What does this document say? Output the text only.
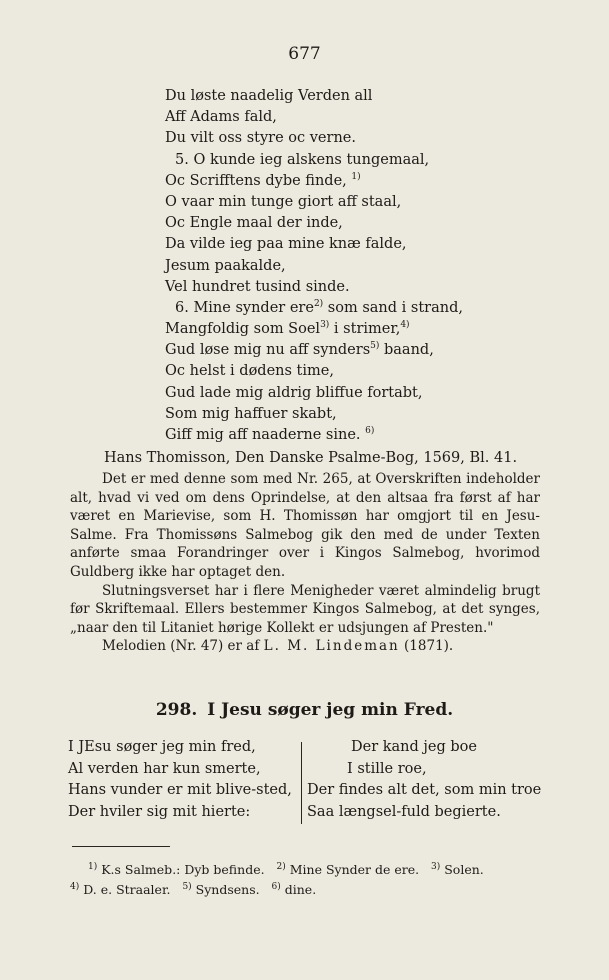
677
Du løste naadelig Verden all
Aff Adams fald,
Du vilt oss styre oc verne.
5. O kunde ieg alskens tungemaal,
Oc Scrifftens dybe finde, $^{1)}$
O vaar min tunge giort aff staal,
Oc Engle maal der inde,
Da vilde ieg paa mine knæ falde,
Jesum paakalde,
Vel hundret tusind sinde.
6. Mine synder ere$^{2)}$ som sand i strand,
Mangfoldig som Soel$^{3)}$ i strimer,$^{4)}$
Gud løse mig nu aff synders$^{5)}$ baand,
Oc helst i dødens time,
Gud lade mig aldrig bliffue fortabt,
Som mig haffuer skabt,
Giff mig aff naaderne sine. $^{6)}$
Hans Thomisson, Den Danske Psalme-Bog, 1569, Bl. 41.

Det er med denne som med Nr. 265, at Overskriften indeholder alt, hvad vi ved om dens Oprindelse, at den altsaa fra først af har været en Marievise, som H. Thomissøn har omgjort til en Jesu-Salme. Fra Thomissøns Salmebog gik den med de under Texten anførte smaa Forandringer over i Kingos Salmebog, hvorimod Guldberg ikke har optaget den.

Slutningsverset har i flere Menigheder været almindelig brugt før Skriftemaal. Ellers bestemmer Kingos Salmebog, at det synges, „naar den til Litaniet hørige Kollekt er udsjungen af Presten."

Melodien (Nr. 47) er af L. M. Lindeman (1871).

298. I Jesu søger jeg min Fred.
I JEsu søger jeg min fred,
Al verden har kun smerte,
Hans vunder er mit blive-sted,
Der hviler sig mit hierte:
Der kand jeg boe
I stille roe,
Der findes alt det, som min troe
Saa længsel-fuld begierte.
$^{1)}$ K.s Salmeb.: Dyb befinde. $^{2)}$ Mine Synder de ere. $^{3)}$ Solen.
$^{4)}$ D. e. Straaler. $^{5)}$ Syndsens. $^{6)}$ dine.
